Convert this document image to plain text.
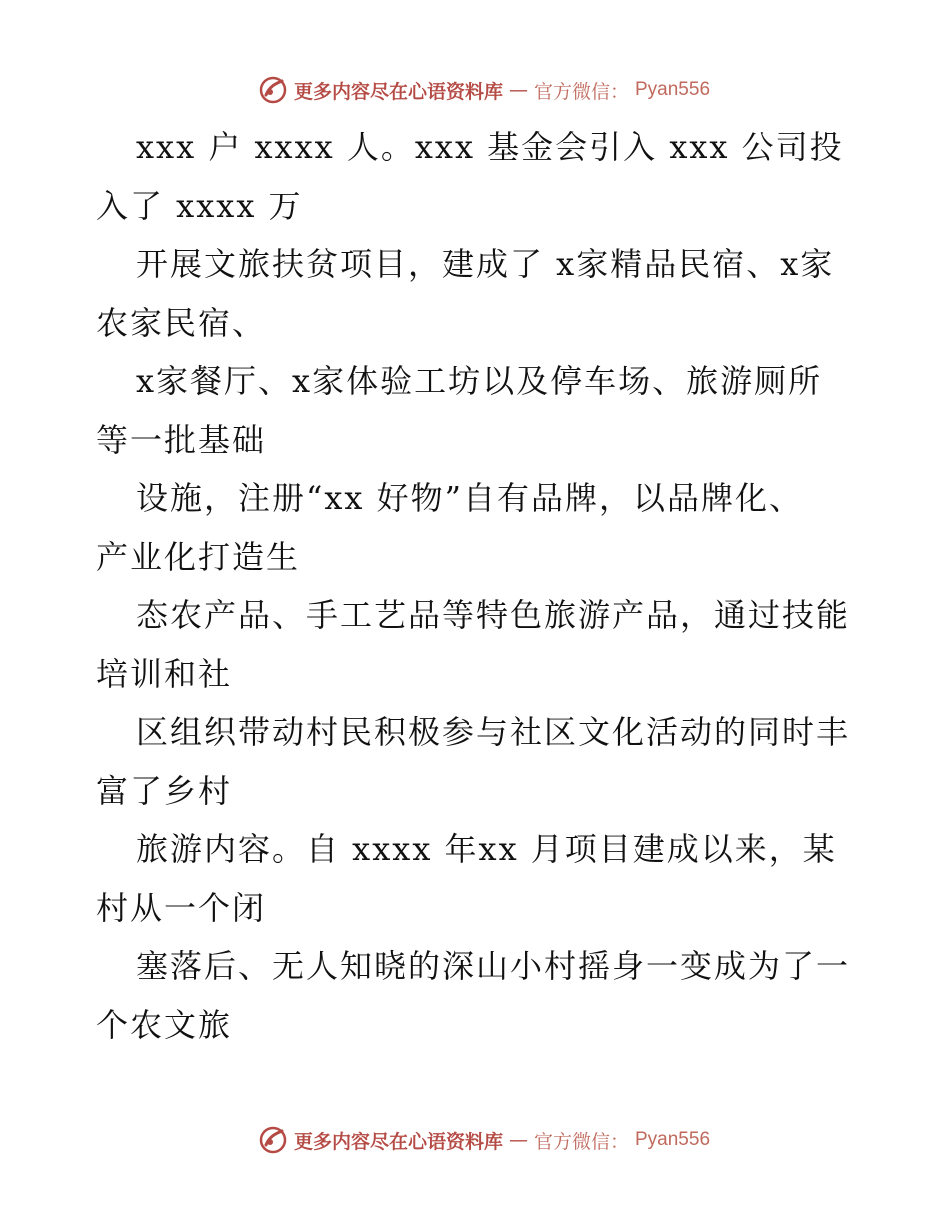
更多内容尽在心语资料库 — 官方微信： Pyan556
xxx 户 xxxx 人。xxx 基金会引入 xxx 公司投
入了 xxxx 万
开展文旅扶贫项目，建成了 x家精品民宿、x家
农家民宿、
x家餐厅、x家体验工坊以及停车场、旅游厕所
等一批基础
设施，注册“xx 好物”自有品牌，以品牌化、
产业化打造生
态农产品、手工艺品等特色旅游产品，通过技能
培训和社
区组织带动村民积极参与社区文化活动的同时丰
富了乡村
旅游内容。自 xxxx 年xx 月项目建成以来，某
村从一个闭
塞落后、无人知晓的深山小村摇身一变成为了一
个农文旅
更多内容尽在心语资料库 — 官方微信： Pyan556
